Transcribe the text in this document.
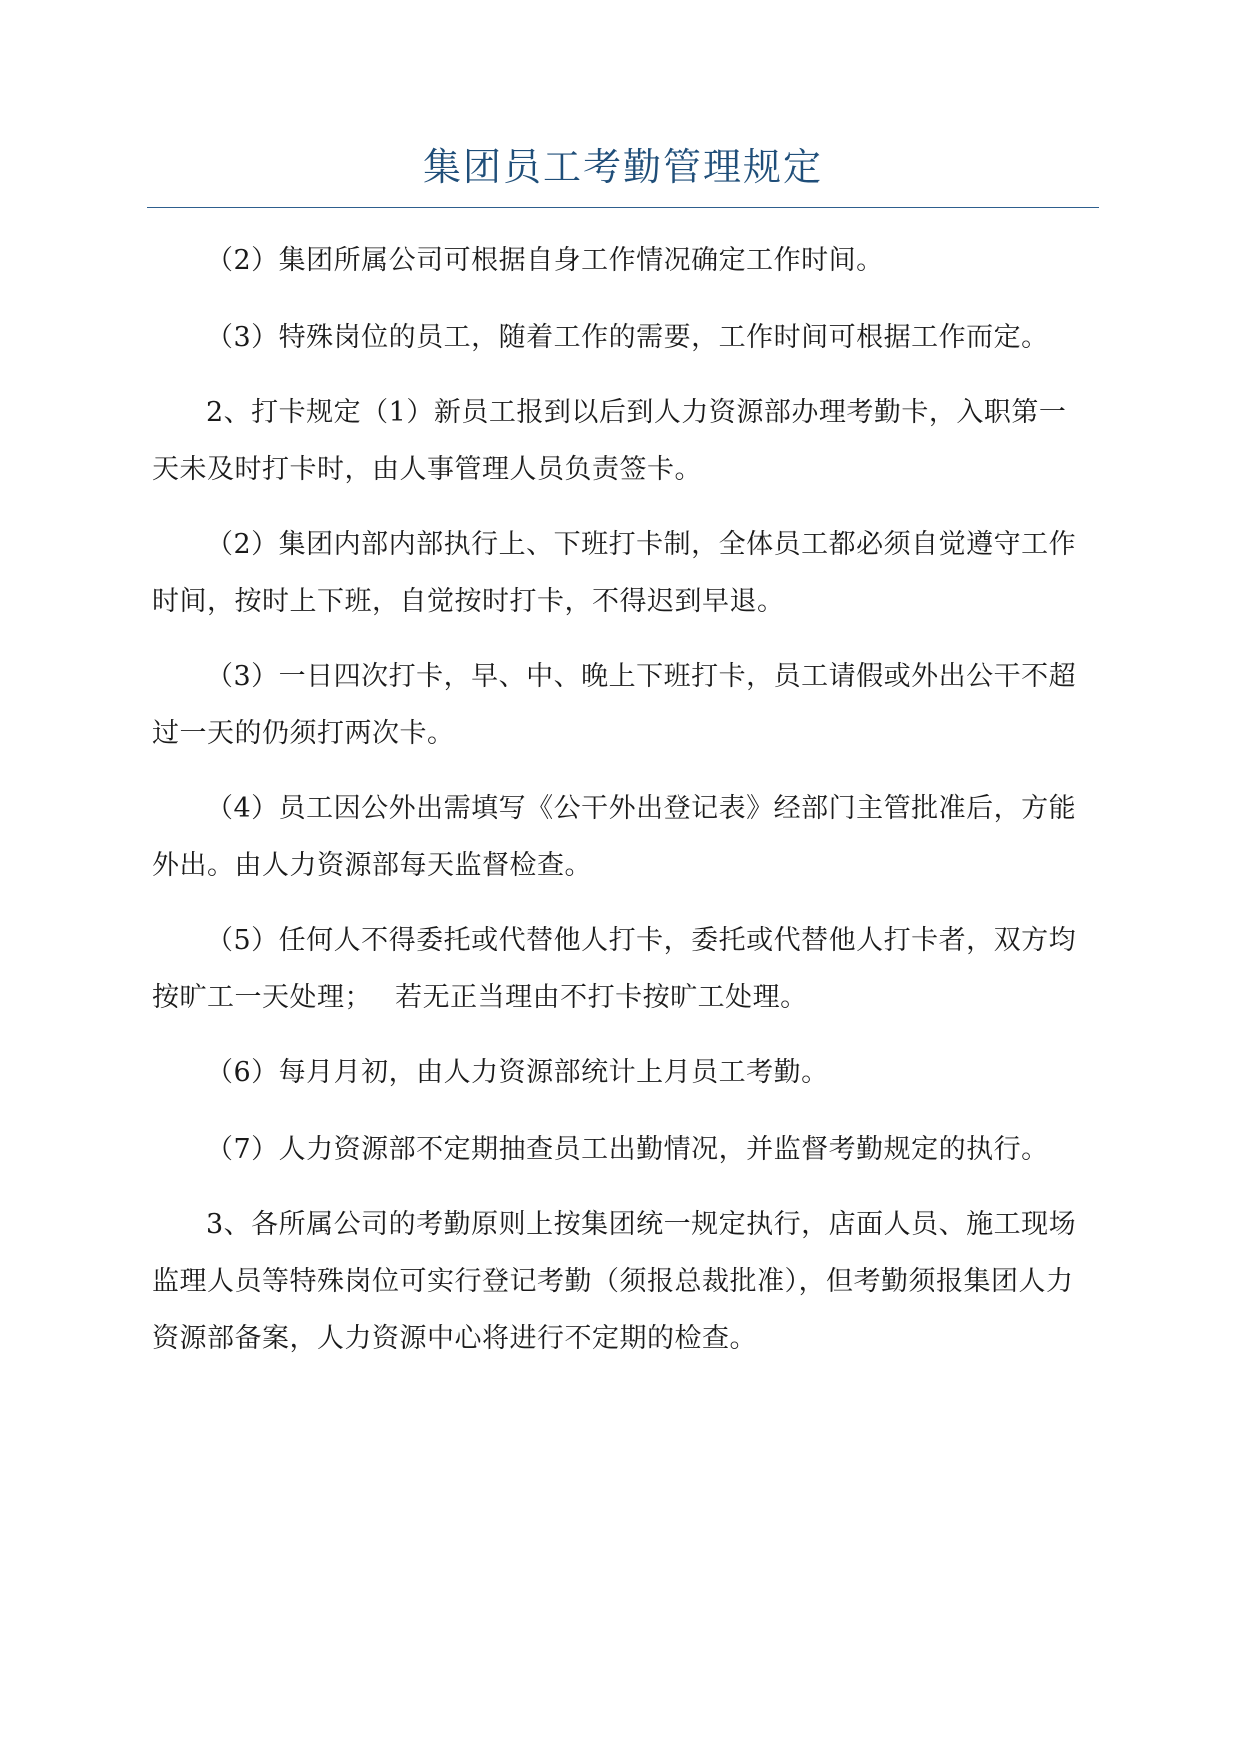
集团员工考勤管理规定

（2）集团所属公司可根据自身工作情况确定工作时间。

（3）特殊岗位的员工，随着工作的需要，工作时间可根据工作而定。

2、打卡规定（1）新员工报到以后到人力资源部办理考勤卡，入职第一天未及时打卡时，由人事管理人员负责签卡。

（2）集团内部内部执行上、下班打卡制，全体员工都必须自觉遵守工作时间，按时上下班，自觉按时打卡，不得迟到早退。

（3）一日四次打卡，早、中、晚上下班打卡，员工请假或外出公干不超过一天的仍须打两次卡。

（4）员工因公外出需填写《公干外出登记表》经部门主管批准后，方能外出。由人力资源部每天监督检查。

（5）任何人不得委托或代替他人打卡，委托或代替他人打卡者，双方均按旷工一天处理；　 若无正当理由不打卡按旷工处理。

（6）每月月初，由人力资源部统计上月员工考勤。

（7）人力资源部不定期抽查员工出勤情况，并监督考勤规定的执行。

3、各所属公司的考勤原则上按集团统一规定执行，店面人员、施工现场监理人员等特殊岗位可实行登记考勤（须报总裁批准），但考勤须报集团人力资源部备案，人力资源中心将进行不定期的检查。
